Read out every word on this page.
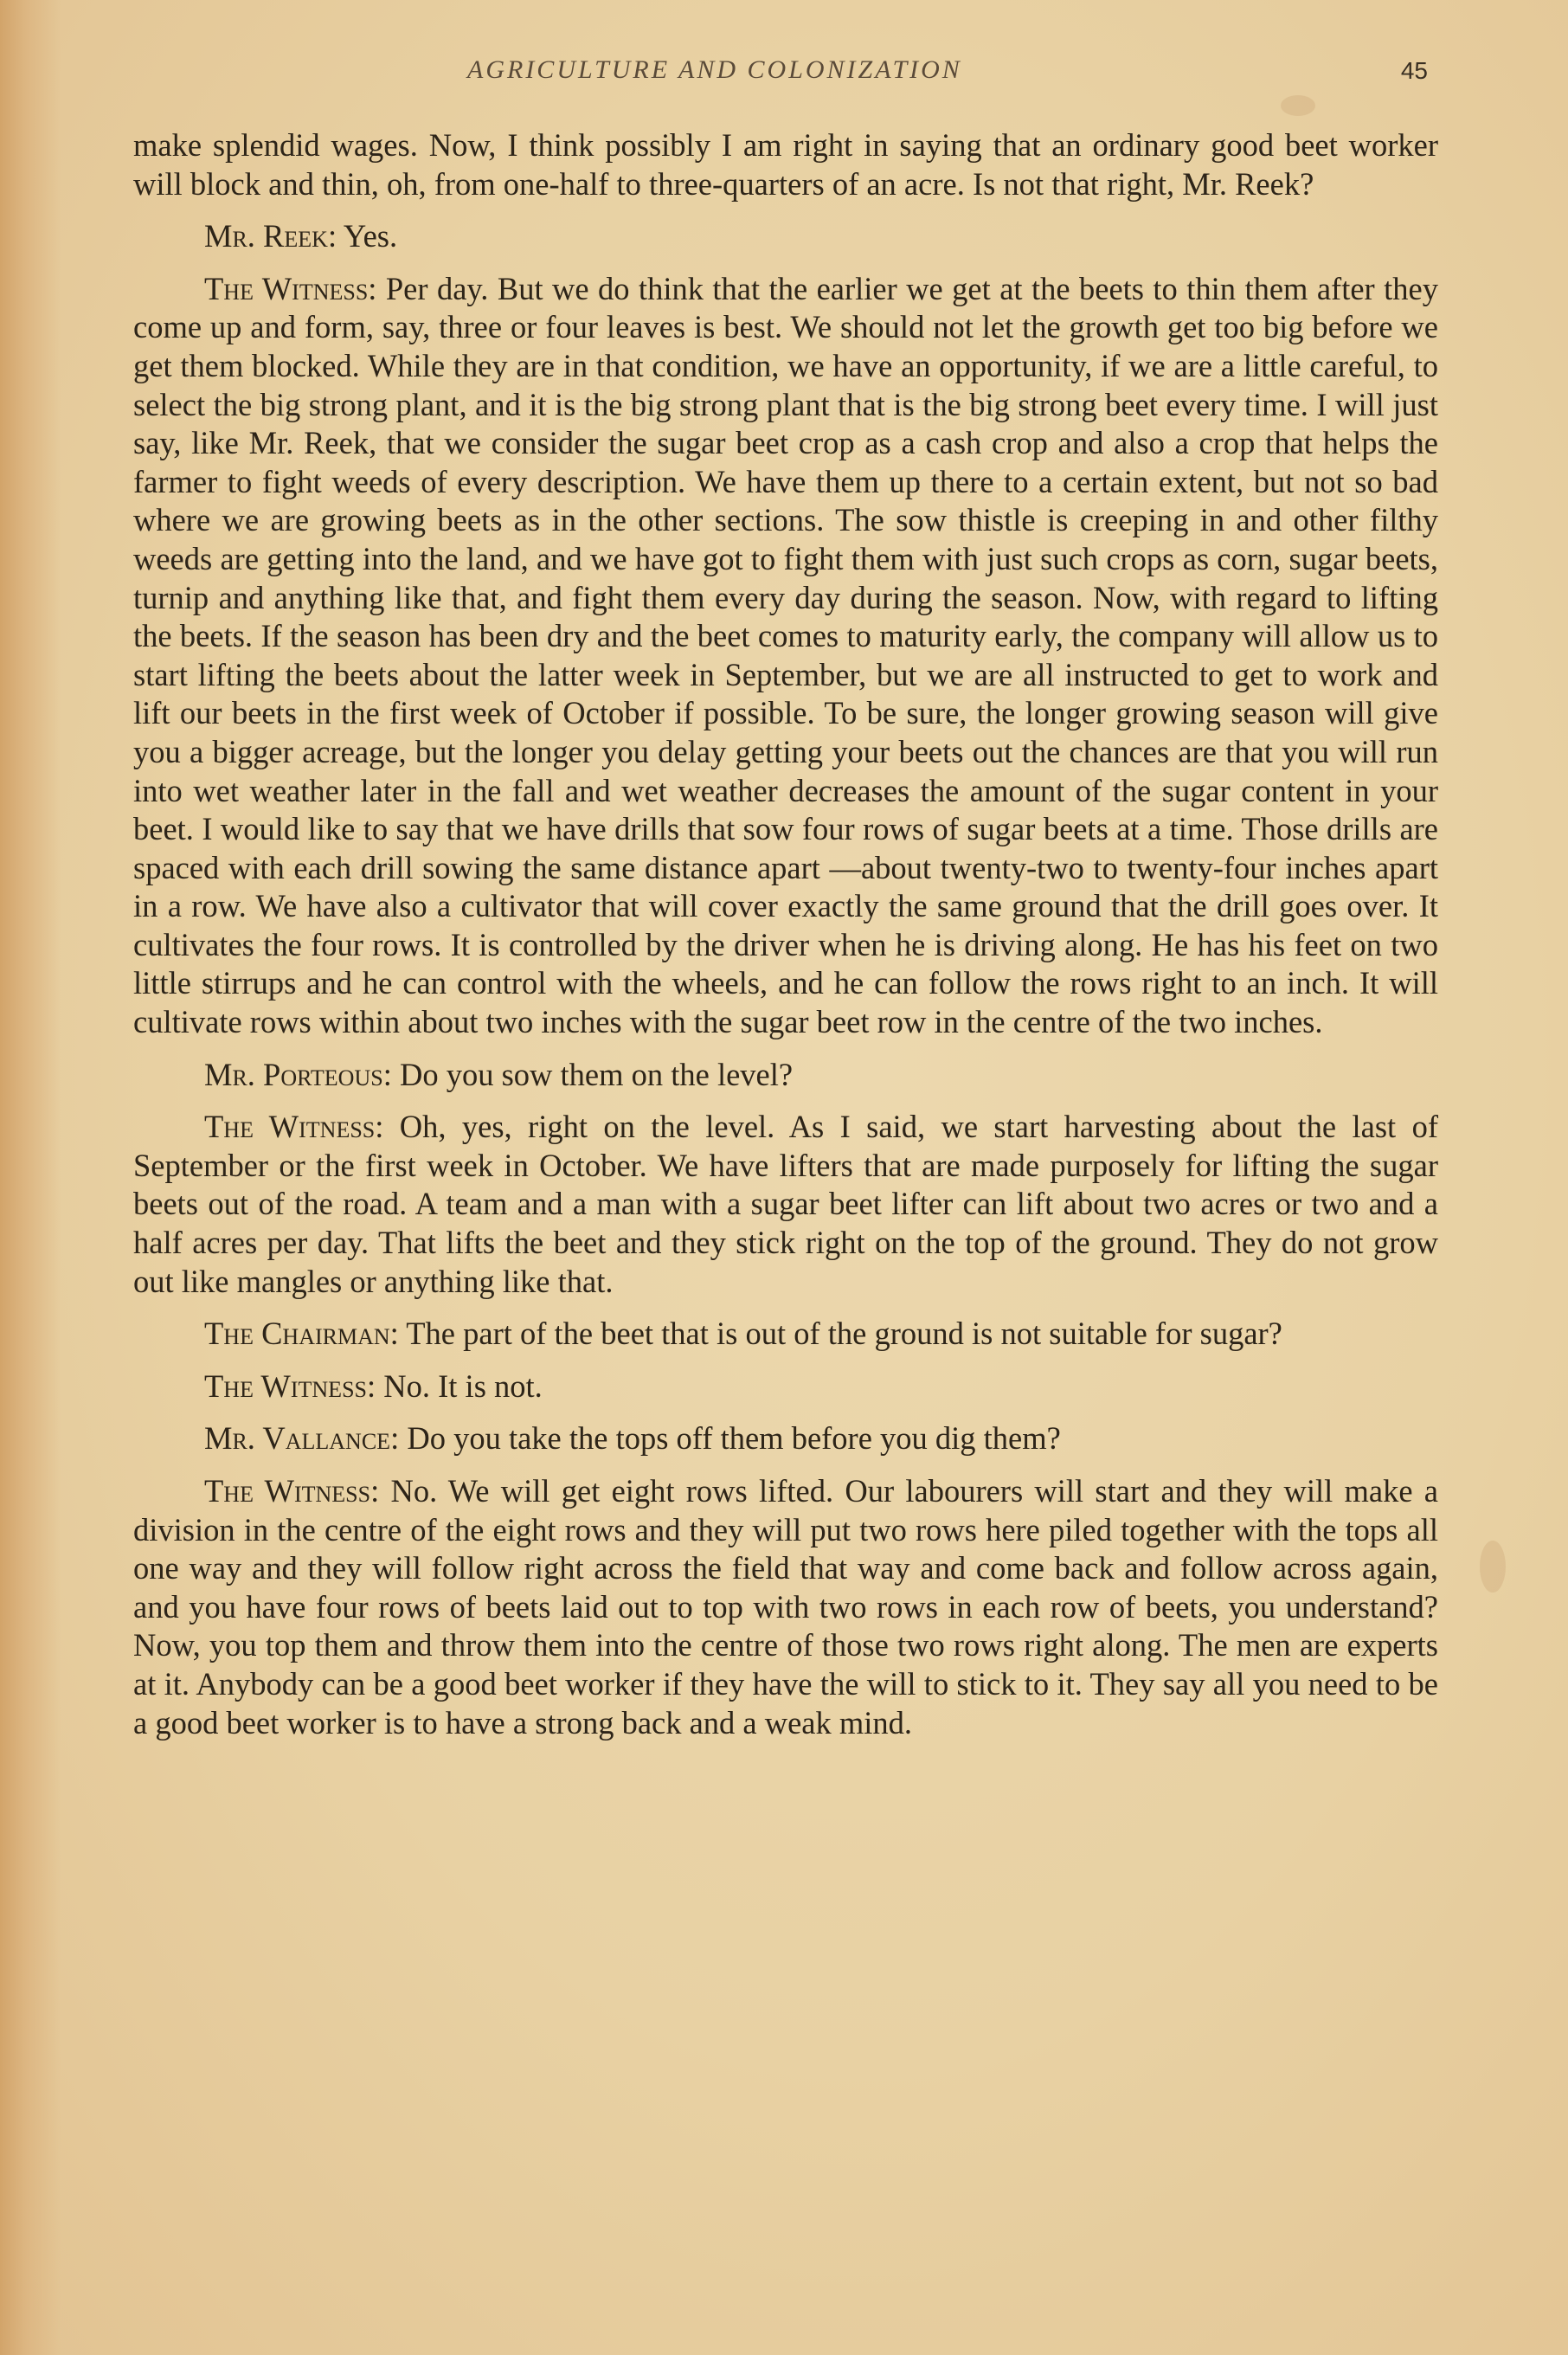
AGRICULTURE AND COLONIZATION	45

make splendid wages. Now, I think possibly I am right in saying that an ordinary good beet worker will block and thin, oh, from one-half to three-quarters of an acre. Is not that right, Mr. Reek?

Mr. Reek: Yes.

The Witness: Per day. But we do think that the earlier we get at the beets to thin them after they come up and form, say, three or four leaves is best. We should not let the growth get too big before we get them blocked. While they are in that condition, we have an opportunity, if we are a little careful, to select the big strong plant, and it is the big strong plant that is the big strong beet every time. I will just say, like Mr. Reek, that we consider the sugar beet crop as a cash crop and also a crop that helps the farmer to fight weeds of every description. We have them up there to a certain extent, but not so bad where we are growing beets as in the other sections. The sow thistle is creeping in and other filthy weeds are getting into the land, and we have got to fight them with just such crops as corn, sugar beets, turnip and anything like that, and fight them every day during the season. Now, with regard to lifting the beets. If the season has been dry and the beet comes to maturity early, the company will allow us to start lifting the beets about the latter week in September, but we are all instructed to get to work and lift our beets in the first week of October if possible. To be sure, the longer growing season will give you a bigger acreage, but the longer you delay getting your beets out the chances are that you will run into wet weather later in the fall and wet weather decreases the amount of the sugar content in your beet. I would like to say that we have drills that sow four rows of sugar beets at a time. Those drills are spaced with each drill sowing the same distance apart —about twenty-two to twenty-four inches apart in a row. We have also a cultivator that will cover exactly the same ground that the drill goes over. It cultivates the four rows. It is controlled by the driver when he is driving along. He has his feet on two little stirrups and he can control with the wheels, and he can follow the rows right to an inch. It will cultivate rows within about two inches with the sugar beet row in the centre of the two inches.

Mr. Porteous: Do you sow them on the level?

The Witness: Oh, yes, right on the level. As I said, we start harvesting about the last of September or the first week in October. We have lifters that are made purposely for lifting the sugar beets out of the road. A team and a man with a sugar beet lifter can lift about two acres or two and a half acres per day. That lifts the beet and they stick right on the top of the ground. They do not grow out like mangles or anything like that.

The Chairman: The part of the beet that is out of the ground is not suitable for sugar?

The Witness: No. It is not.

Mr. Vallance: Do you take the tops off them before you dig them?

The Witness: No. We will get eight rows lifted. Our labourers will start and they will make a division in the centre of the eight rows and they will put two rows here piled together with the tops all one way and they will follow right across the field that way and come back and follow across again, and you have four rows of beets laid out to top with two rows in each row of beets, you understand? Now, you top them and throw them into the centre of those two rows right along. The men are experts at it. Anybody can be a good beet worker if they have the will to stick to it. They say all you need to be a good beet worker is to have a strong back and a weak mind.
